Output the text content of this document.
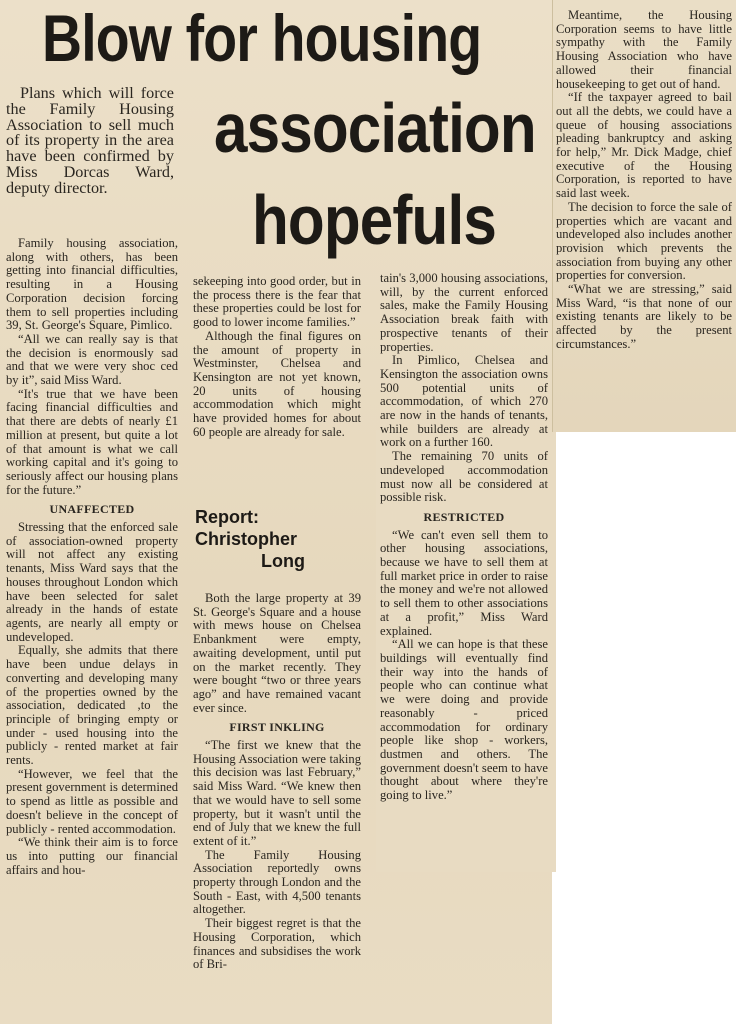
Blow for housing
association
hopefuls

Plans which will force the Family Housing Association to sell much of its property in the area have been confirmed by Miss Dorcas Ward, deputy director.

Family housing association, along with others, has been getting into financial difficulties, resulting in a Housing Corporation decision forcing them to sell properties including 39, St. George's Square, Pimlico.

“All we can really say is that the decision is enormously sad and that we were very shoc ced by it”, said Miss Ward.

“It's true that we have been facing financial difficulties and that there are debts of nearly £1 million at present, but quite a lot of that amount is what we call working capital and it's going to seriously affect our housing plans for the future.”

UNAFFECTED

Stressing that the enforced sale of association-owned property will not affect any existing tenants, Miss Ward says that the houses throughout London which have been selected for salet already in the hands of estate agents, are nearly all empty or undeveloped.

Equally, she admits that there have been undue delays in converting and developing many of the properties owned by the association, dedicated ,to the principle of bringing empty or under - used housing into the publicly - rented market at fair rents.

“However, we feel that the present government is determined to spend as little as possible and doesn't believe in the concept of publicly - rented accommodation.

“We think their aim is to force us into putting our financial affairs and hou-

sekeeping into good order, but in the process there is the fear that these properties could be lost for good to lower income families.”

Although the final figures on the amount of property in Westminster, Chelsea and Kensington are not yet known, 20 units of housing accommodation which might have provided homes for about 60 people are already for sale.

Report:
Christopher
Long

Both the large property at 39 St. George's Square and a house with mews house on Chelsea Enbankment were empty, awaiting development, until put on the market recently. They were bought “two or three years ago” and have remained vacant ever since.

FIRST INKLING

“The first we knew that the Housing Association were taking this decision was last February,” said Miss Ward. “We knew then that we would have to sell some property, but it wasn't until the end of July that we knew the full extent of it.”

The Family Housing Association reportedly owns property through London and the South - East, with 4,500 tenants altogether.

Their biggest regret is that the Housing Corporation, which finances and subsidises the work of Bri-

tain's 3,000 housing associations, will, by the current enforced sales, make the Family Housing Association break faith with prospective tenants of their properties.

In Pimlico, Chelsea and Kensington the association owns 500 potential units of accommodation, of which 270 are now in the hands of tenants, while builders are already at work on a further 160.

The remaining 70 units of undeveloped accommodation must now all be considered at possible risk.

RESTRICTED

“We can't even sell them to other housing associations, because we have to sell them at full market price in order to raise the money and we're not allowed to sell them to other associations at a profit,” Miss Ward explained.

“All we can hope is that these buildings will eventually find their way into the hands of people who can continue what we were doing and provide reasonably - priced accommodation for ordinary people like shop - workers, dustmen and others. The government doesn't seem to have thought about where they're going to live.”

Meantime, the Housing Corporation seems to have little sympathy with the Family Housing Association who have allowed their financial housekeeping to get out of hand.

“If the taxpayer agreed to bail out all the debts, we could have a queue of housing associations pleading bankruptcy and asking for help,” Mr. Dick Madge, chief executive of the Housing Corporation, is reported to have said last week.

The decision to force the sale of properties which are vacant and undeveloped also includes another provision which prevents the association from buying any other properties for conversion.

“What we are stressing,” said Miss Ward, “is that none of our existing tenants are likely to be affected by the present circumstances.”
